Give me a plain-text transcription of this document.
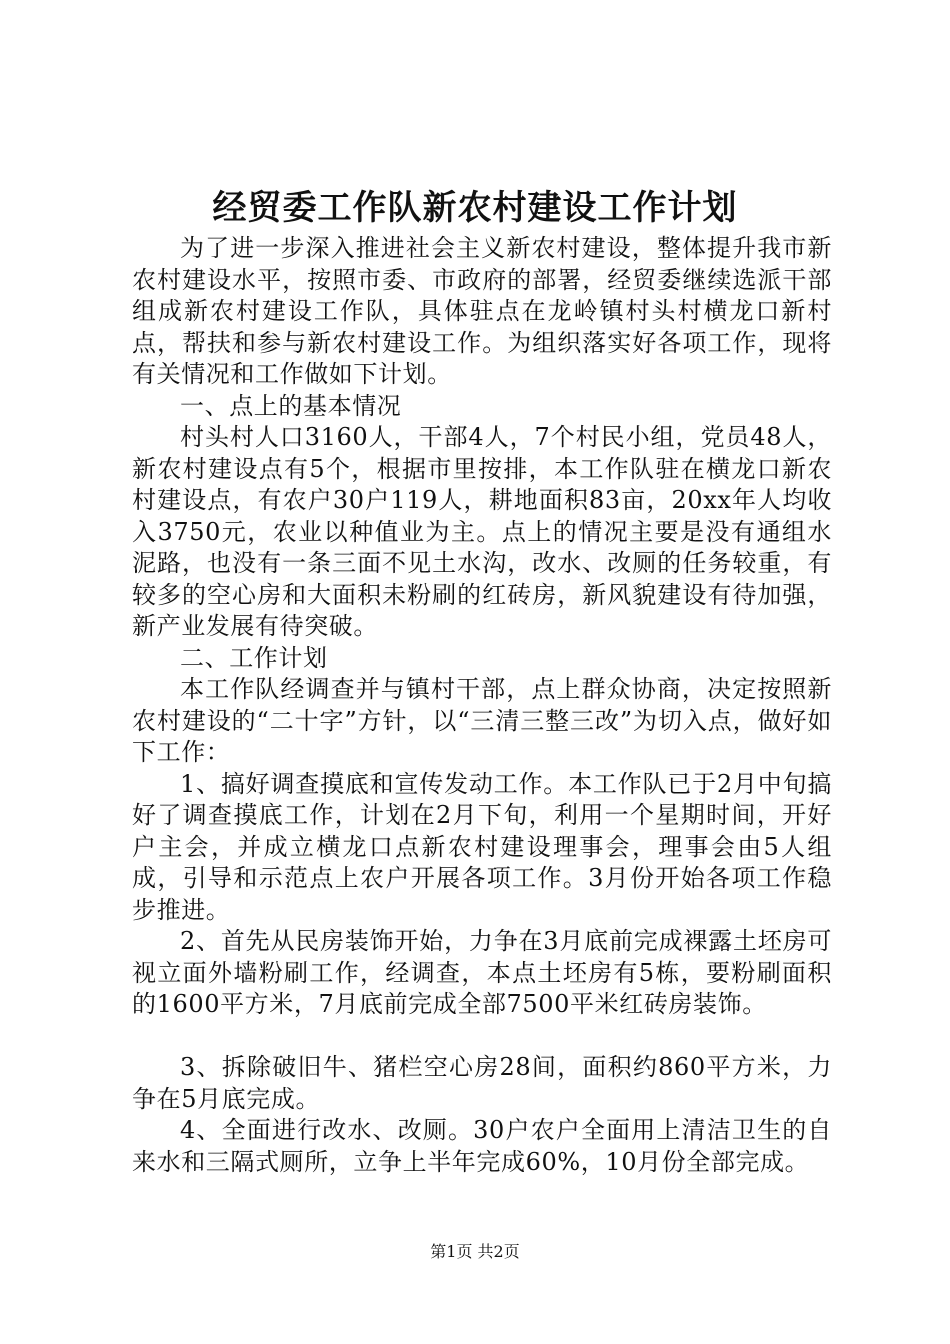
经贸委工作队新农村建设工作计划

为了进一步深入推进社会主义新农村建设，整体提升我市新农村建设水平，按照市委、市政府的部署，经贸委继续选派干部组成新农村建设工作队，具体驻点在龙岭镇村头村横龙口新村点，帮扶和参与新农村建设工作。为组织落实好各项工作，现将有关情况和工作做如下计划。

一、点上的基本情况

村头村人口3160人，干部4人，7个村民小组，党员48人，新农村建设点有5个，根据市里按排，本工作队驻在横龙口新农村建设点，有农户30户119人，耕地面积83亩，20xx年人均收入3750元，农业以种值业为主。点上的情况主要是没有通组水泥路，也没有一条三面不见土水沟，改水、改厕的任务较重，有较多的空心房和大面积未粉刷的红砖房，新风貌建设有待加强，新产业发展有待突破。

二、工作计划

本工作队经调查并与镇村干部，点上群众协商，决定按照新农村建设的“二十字”方针，以“三清三整三改”为切入点，做好如下工作：

1、搞好调查摸底和宣传发动工作。本工作队已于2月中旬搞好了调查摸底工作，计划在2月下旬，利用一个星期时间，开好户主会，并成立横龙口点新农村建设理事会，理事会由5人组成，引导和示范点上农户开展各项工作。3月份开始各项工作稳步推进。

2、首先从民房装饰开始，力争在3月底前完成裸露土坯房可视立面外墙粉刷工作，经调查，本点土坯房有5栋，要粉刷面积的1600平方米，7月底前完成全部7500平米红砖房装饰。

3、拆除破旧牛、猪栏空心房28间，面积约860平方米，力争在5月底完成。

4、全面进行改水、改厕。30户农户全面用上清洁卫生的自来水和三隔式厕所，立争上半年完成60%，10月份全部完成。

第1页 共2页
